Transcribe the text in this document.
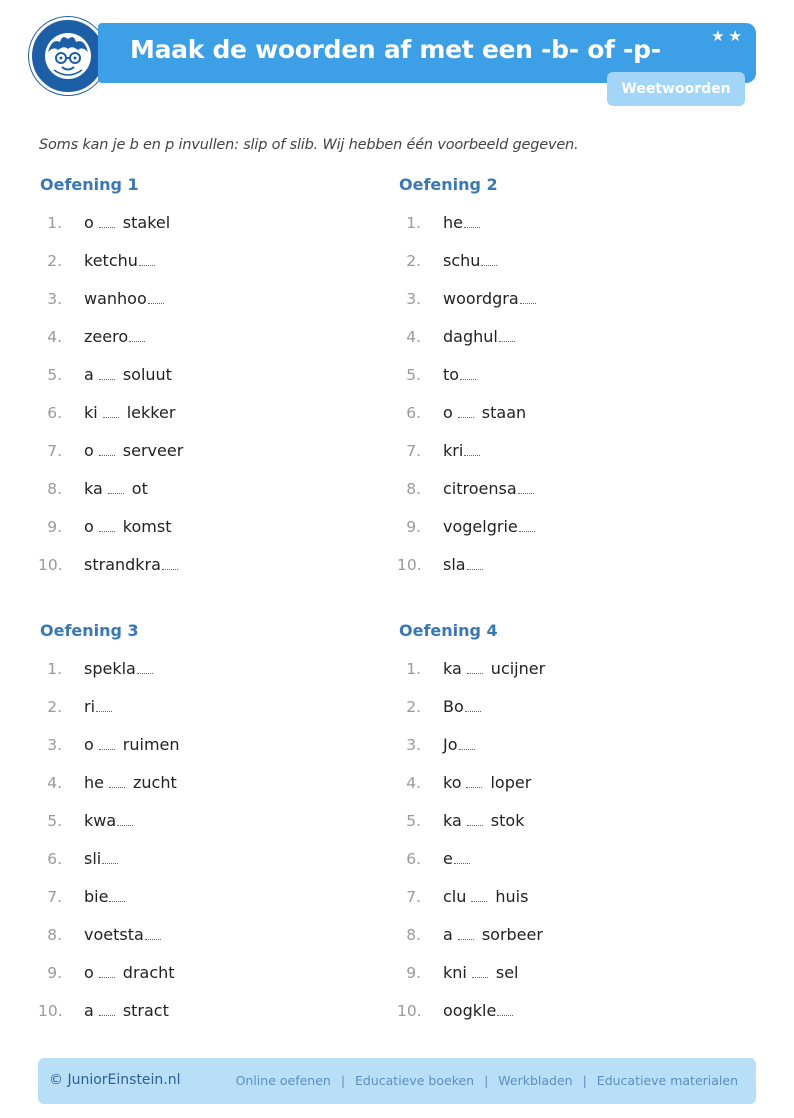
Maak de woorden af met een -b- of -p-	★★
Weetwoorden
Soms kan je b en p invullen: slip of slib. Wij hebben één voorbeeld gegeven.
Oefening 1
1. o stakel
2. ketchu
3. wanhoo
4. zeero
5. a soluut
6. ki lekker
7. o serveer
8. ka ot
9. o komst
10. strandkra
Oefening 2
1. he
2. schu
3. woordgra
4. daghul
5. to
6. o staan
7. kri
8. citroensa
9. vogelgrie
10. sla
Oefening 3
1. spekla
2. ri
3. o ruimen
4. he zucht
5. kwa
6. sli
7. bie
8. voetsta
9. o dracht
10. a stract
Oefening 4
1. ka ucijner
2. Bo
3. Jo
4. ko loper
5. ka stok
6. e
7. clu huis
8. a sorbeer
9. kni sel
10. oogkle
© JuniorEinstein.nl	Online oefenen | Educatieve boeken | Werkbladen | Educatieve materialen
